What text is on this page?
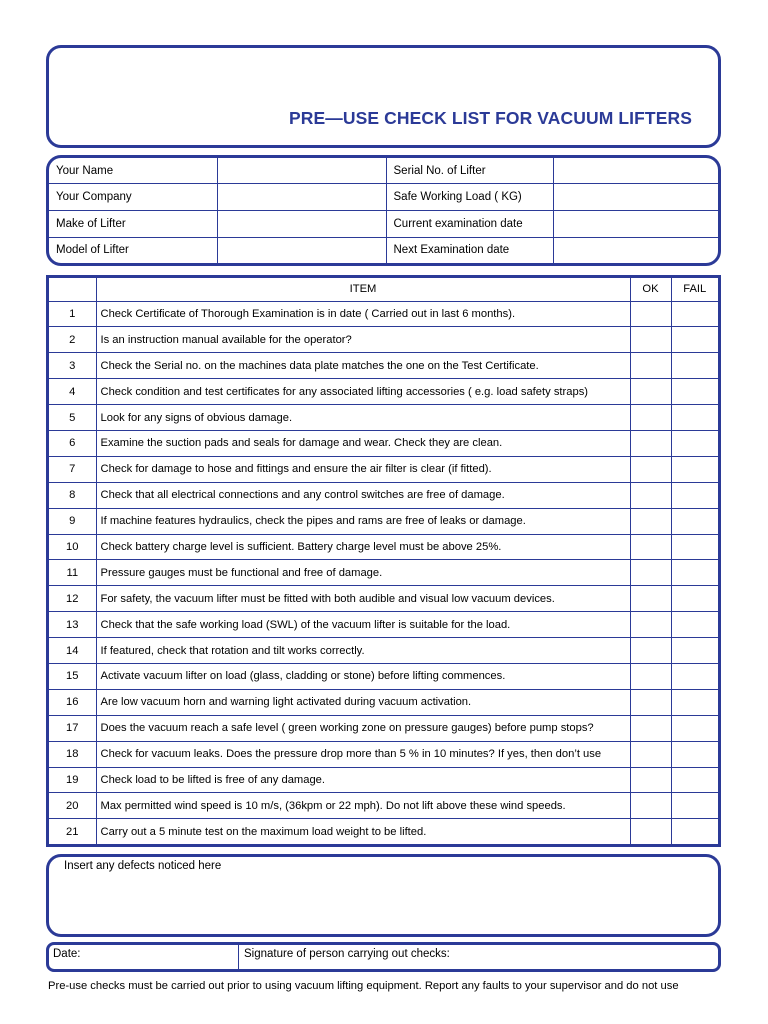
PRE—USE CHECK LIST FOR VACUUM LIFTERS
Your Name		Serial No. of Lifter	
Your Company		Safe Working Load ( KG)	
Make of Lifter		Current examination date	
Model of Lifter		Next Examination date	
	ITEM	OK	FAIL
1	Check Certificate of Thorough Examination is in date ( Carried out in last 6 months).		
2	Is an instruction manual available for the operator?		
3	Check the Serial no. on the machines data plate matches the one on the Test Certificate.		
4	Check condition and test certificates for any associated lifting accessories ( e.g. load safety straps)		
5	Look for any signs of obvious damage.		
6	Examine the suction pads and seals for damage and wear. Check they are clean.		
7	Check for damage to hose and fittings and ensure the air filter is clear (if fitted).		
8	Check that all electrical connections and any control switches are free of damage.		
9	If machine features hydraulics, check the pipes and rams are free of leaks or damage.		
10	Check battery charge level is sufficient. Battery charge level must be above 25%.		
11	Pressure gauges must be functional and free of damage.		
12	For safety, the vacuum lifter must be fitted with both audible and visual low vacuum devices.		
13	Check that the safe working load (SWL) of the vacuum lifter is suitable for the load.		
14	If featured, check that rotation and tilt works correctly.		
15	Activate vacuum lifter on load (glass, cladding or stone) before lifting commences.		
16	Are low vacuum horn and warning light activated during vacuum activation.		
17	Does the vacuum reach a safe level ( green working zone on pressure gauges) before pump stops?		
18	Check for vacuum leaks. Does the pressure drop more than 5 % in 10 minutes? If yes, then don’t use		
19	Check load to be lifted is free of any damage.		
20	Max permitted wind speed is 10 m/s, (36kpm or 22 mph). Do not lift above these wind speeds.		
21	Carry out a 5 minute test on the maximum load weight to be lifted.		
Insert any defects noticed here
Date:	Signature of person carrying out checks:
Pre-use checks must be carried out prior to using vacuum lifting equipment. Report any faults to your supervisor and do not use
